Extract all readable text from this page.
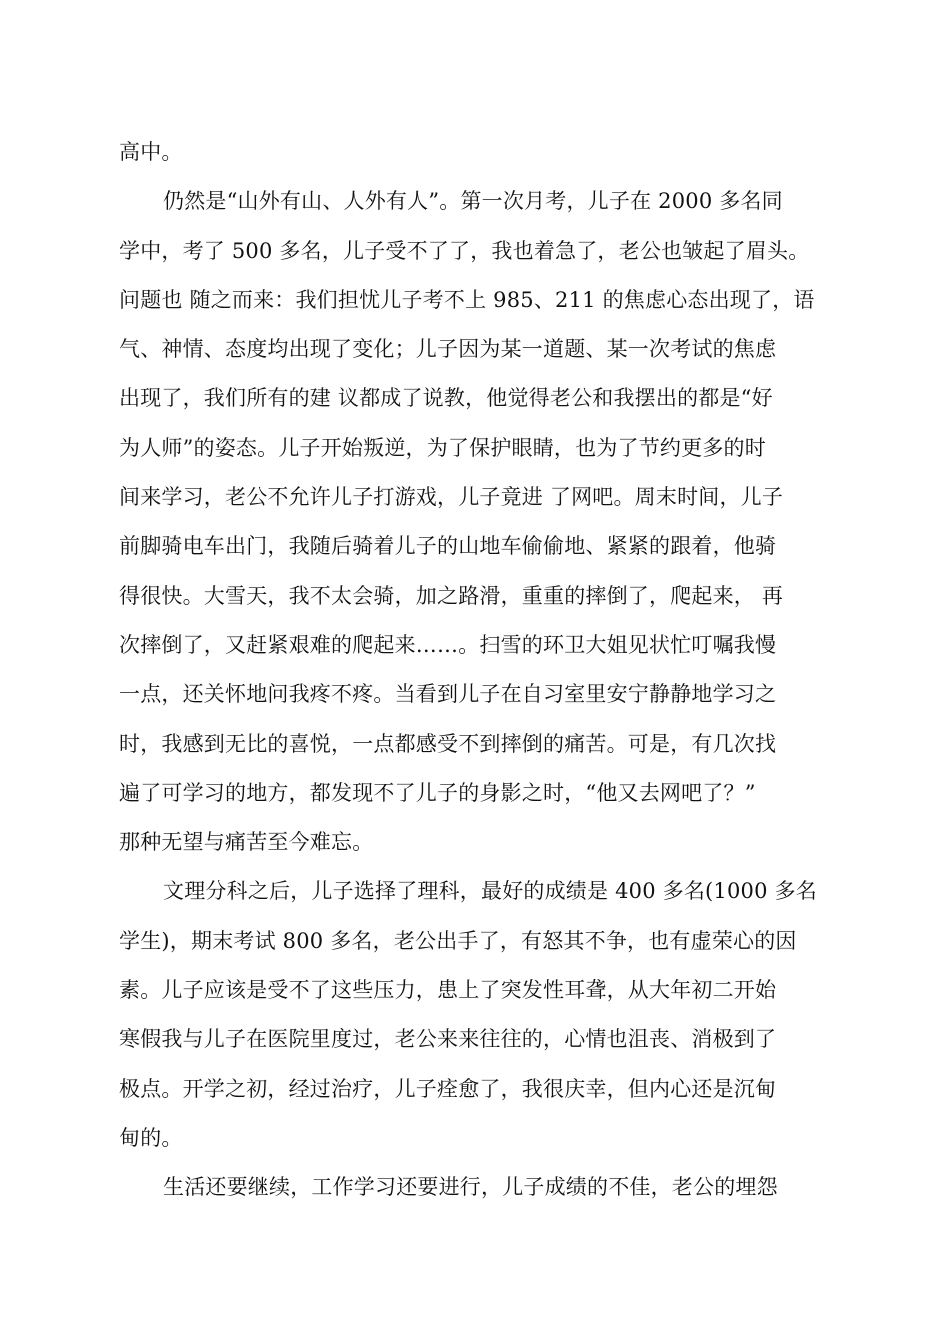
高中。
仍然是“山外有山、人外有人”。第一次月考，儿子在 2000 多名同
学中，考了 500 多名，儿子受不了了，我也着急了，老公也皱起了眉头。
问题也 随之而来：我们担忧儿子考不上 985、211 的焦虑心态出现了，语
气、神情、态度均出现了变化；儿子因为某一道题、某一次考试的焦虑
出现了，我们所有的建 议都成了说教，他觉得老公和我摆出的都是“好
为人师”的姿态。儿子开始叛逆，为了保护眼睛，也为了节约更多的时
间来学习，老公不允许儿子打游戏，儿子竟进 了网吧。周末时间，儿子
前脚骑电车出门，我随后骑着儿子的山地车偷偷地、紧紧的跟着，他骑
得很快。大雪天，我不太会骑，加之路滑，重重的摔倒了，爬起来， 再
次摔倒了，又赶紧艰难的爬起来……。扫雪的环卫大姐见状忙叮嘱我慢
一点，还关怀地问我疼不疼。当看到儿子在自习室里安宁静静地学习之
时，我感到无比的喜悦，一点都感受不到摔倒的痛苦。可是，有几次找
遍了可学习的地方，都发现不了儿子的身影之时，“他又去网吧了？”
那种无望与痛苦至今难忘。
文理分科之后，儿子选择了理科，最好的成绩是 400 多名(1000 多名
学生)，期末考试 800 多名，老公出手了，有怒其不争，也有虚荣心的因
素。儿子应该是受不了这些压力，患上了突发性耳聋，从大年初二开始
寒假我与儿子在医院里度过，老公来来往往的，心情也沮丧、消极到了
极点。开学之初，经过治疗，儿子痊愈了，我很庆幸，但内心还是沉甸
甸的。
生活还要继续，工作学习还要进行，儿子成绩的不佳，老公的埋怨
